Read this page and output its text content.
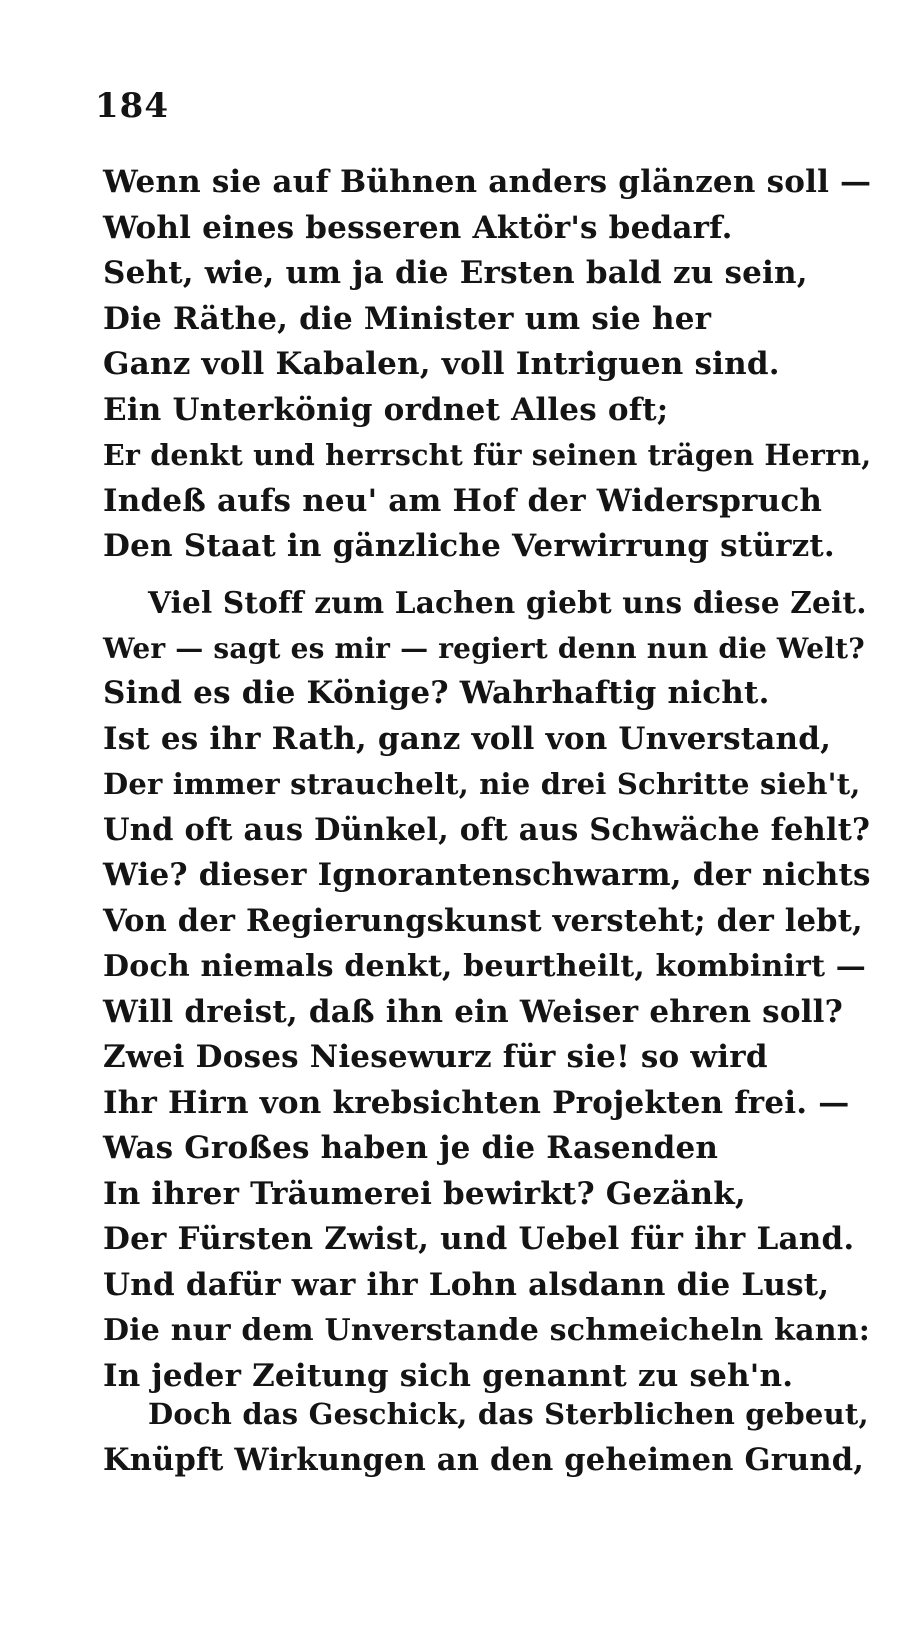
184
Wenn sie auf Bühnen anders glänzen soll —
Wohl eines besseren Aktör's bedarf.
Seht, wie, um ja die Ersten bald zu sein,
Die Räthe, die Minister um sie her
Ganz voll Kabalen, voll Intriguen sind.
Ein Unterkönig ordnet Alles oft;
Er denkt und herrscht für seinen trägen Herrn,
Indeß aufs neu' am Hof der Widerspruch
Den Staat in gänzliche Verwirrung stürzt.
Viel Stoff zum Lachen giebt uns diese Zeit.
Wer — sagt es mir — regiert denn nun die Welt?
Sind es die Könige? Wahrhaftig nicht.
Ist es ihr Rath, ganz voll von Unverstand,
Der immer strauchelt, nie drei Schritte sieh't,
Und oft aus Dünkel, oft aus Schwäche fehlt?
Wie? dieser Ignorantenschwarm, der nichts
Von der Regierungskunst versteht; der lebt,
Doch niemals denkt, beurtheilt, kombinirt —
Will dreist, daß ihn ein Weiser ehren soll?
Zwei Doses Niesewurz für sie! so wird
Ihr Hirn von krebsichten Projekten frei. —
Was Großes haben je die Rasenden
In ihrer Träumerei bewirkt? Gezänk,
Der Fürsten Zwist, und Uebel für ihr Land.
Und dafür war ihr Lohn alsdann die Lust,
Die nur dem Unverstande schmeicheln kann:
In jeder Zeitung sich genannt zu seh'n.
Doch das Geschick, das Sterblichen gebeut,
Knüpft Wirkungen an den geheimen Grund,
